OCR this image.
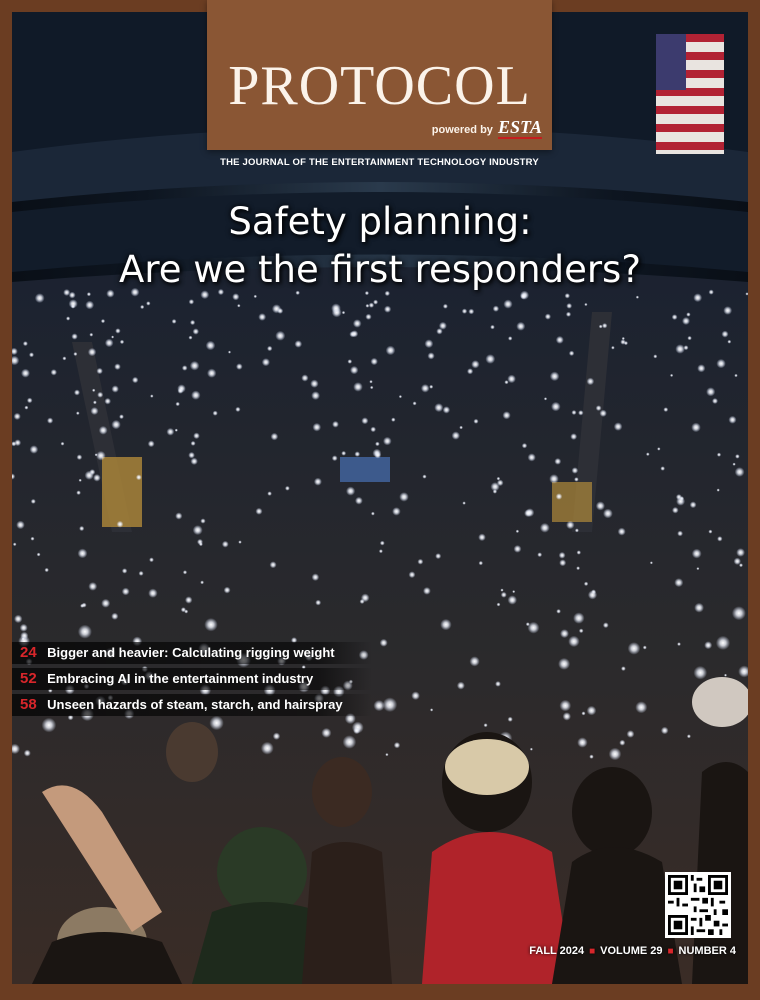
PROTOCOL
powered by ESTA
THE JOURNAL OF THE ENTERTAINMENT TECHNOLOGY INDUSTRY
Safety planning:
Are we the first responders?
24 Bigger and heavier: Calculating rigging weight
52 Embracing AI in the entertainment industry
58 Unseen hazards of steam, starch, and hairspray
FALL 2024 ■ VOLUME 29 ■ NUMBER 4
